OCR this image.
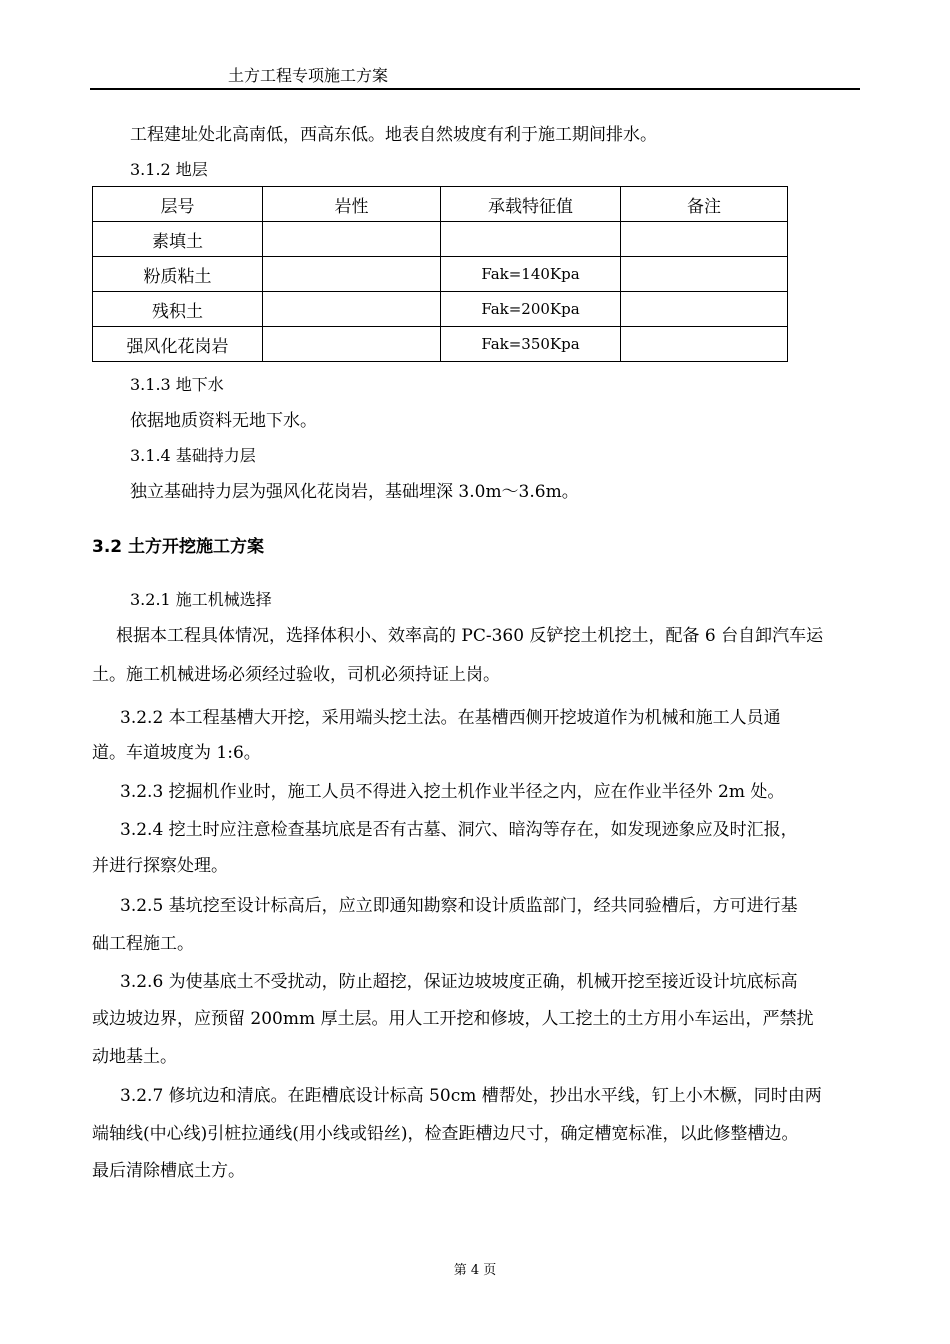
土方工程专项施工方案
工程建址处北高南低，西高东低。地表自然坡度有利于施工期间排水。
3.1.2 地层
层号	岩性	承载特征值	备注
素填土			
粉质粘土		Fak=140Kpa	
残积土		Fak=200Kpa	
强风化花岗岩		Fak=350Kpa	
3.1.3 地下水
依据地质资料无地下水。
3.1.4 基础持力层
独立基础持力层为强风化花岗岩，基础埋深 3.0m～3.6m。
3.2 土方开挖施工方案
3.2.1 施工机械选择
根据本工程具体情况，选择体积小、效率高的 PC-360 反铲挖土机挖土，配备 6 台自卸汽车运
土。施工机械进场必须经过验收，司机必须持证上岗。
3.2.2 本工程基槽大开挖，采用端头挖土法。在基槽西侧开挖坡道作为机械和施工人员通
道。车道坡度为 1:6。
3.2.3 挖掘机作业时，施工人员不得进入挖土机作业半径之内，应在作业半径外 2m 处。
3.2.4 挖土时应注意检查基坑底是否有古墓、洞穴、暗沟等存在，如发现迹象应及时汇报，
并进行探察处理。
3.2.5 基坑挖至设计标高后，应立即通知勘察和设计质监部门，经共同验槽后，方可进行基
础工程施工。
3.2.6 为使基底土不受扰动，防止超挖，保证边坡坡度正确，机械开挖至接近设计坑底标高
或边坡边界，应预留 200mm 厚土层。用人工开挖和修坡，人工挖土的土方用小车运出，严禁扰
动地基土。
3.2.7 修坑边和清底。在距槽底设计标高 50cm 槽帮处，抄出水平线，钉上小木橛，同时由两
端轴线(中心线)引桩拉通线(用小线或铅丝)，检查距槽边尺寸，确定槽宽标准，以此修整槽边。
最后清除槽底土方。
第 4 页
